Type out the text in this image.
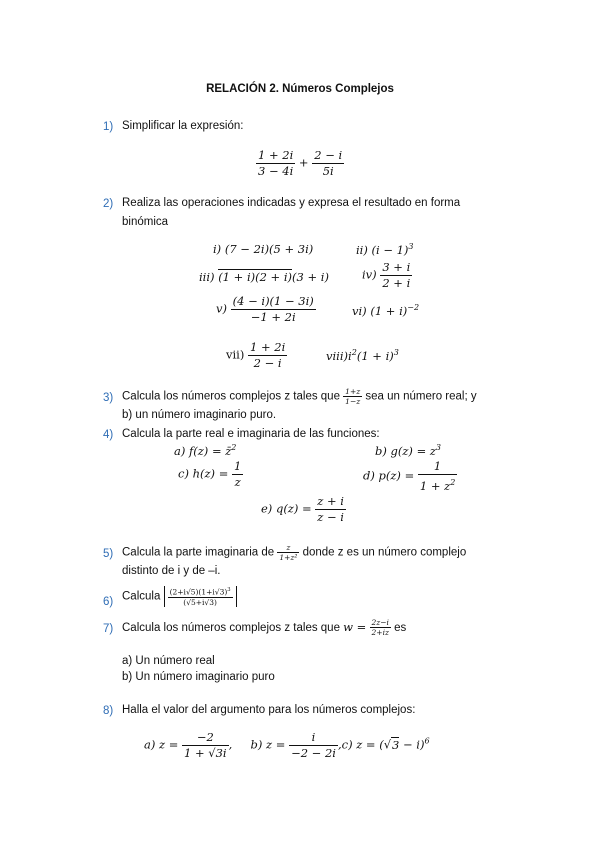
RELACIÓN 2. Números Complejos
1) Simplificar la expresión:
$\frac{1 + 2i}{3 - 4i} + \frac{2 - i}{5i}$
2) Realiza las operaciones indicadas y expresa el resultado en forma
binómica
i) (7 − 2i)(5 + 3i)	ii) $(i - 1)^3$
iii) (1 + i)(2 + i)(3 + i)	$iv) \frac{3 + i}{2 + i}$
$v) \frac{(4 - i)(1 - 3i)}{-1 + 2i}$	vi) $(1 + i)^{-2}$
$vii) \frac{1 + 2i}{2 - i}$	$viii)i^2(1 + i)^3$
3) Calcula los números complejos z tales que $\frac{1+z}{1-z}$ sea un número real; y
b) un número imaginario puro.
4) Calcula la parte real e imaginaria de las funciones:
a) f(z) = z̄$^2$	b) $g(z) = z^3$
c) $h(z) = \frac{1}{z}$	d) $p(z) = \frac{1}{1 + z^2}$
e) $q(z) = \frac{z + i}{z - i}$
5) Calcula la parte imaginaria de $\frac{z}{\text{1+z²}}$ donde z es un número complejo
distinto de i y de –i.
6) Calcula $\frac{(2+i√5)(1+i√3)^3}{(√5+i√3)}$
7) Calcula los números complejos z tales que $w = \frac{2z-i}{2+iz}$ es
a) Un número real
b) Un número imaginario puro
8) Halla el valor del argumento para los números complejos:
a) $z = \frac{-2}{1 + √3i}$ , b) $z = \frac{i}{-2 - 2i} ,c$) $z = (√3 - i)^6$
